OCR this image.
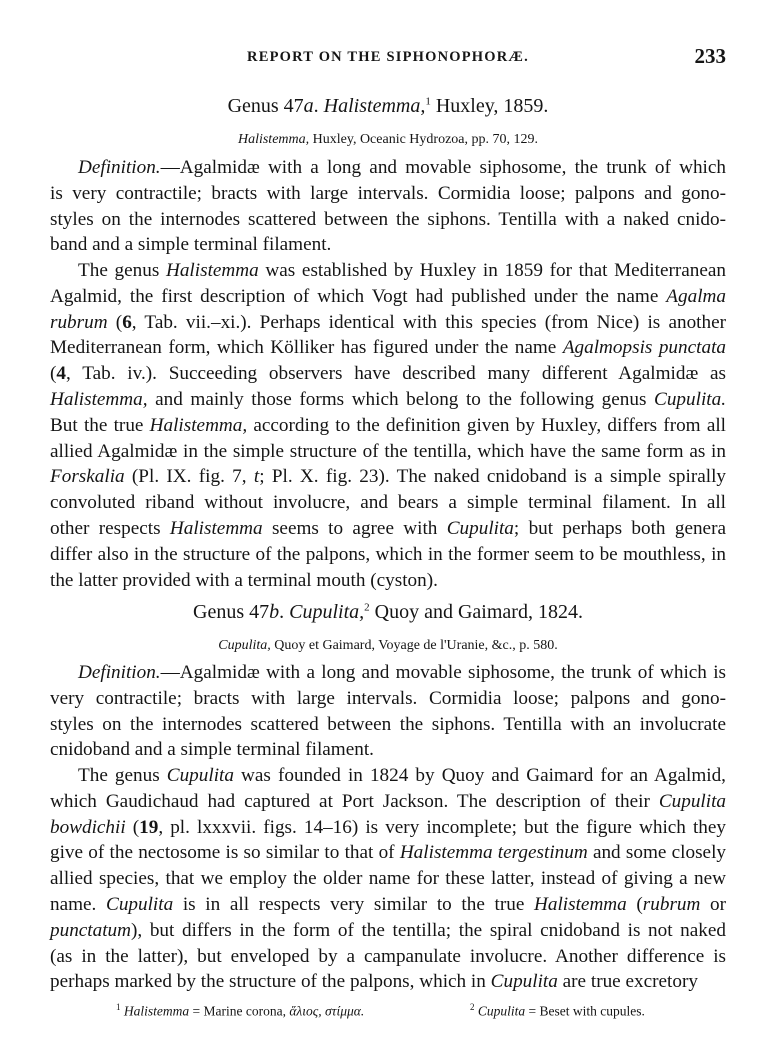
REPORT ON THE SIPHONOPHORÆ.	233
Genus 47a. Halistemma,$^1$ Huxley, 1859.
Halistemma, Huxley, Oceanic Hydrozoa, pp. 70, 129.
Definition.—Agalmidæ with a long and movable siphosome, the trunk of which
is very contractile; bracts with large intervals. Cormidia loose; palpons and gono-
styles on the internodes scattered between the siphons. Tentilla with a naked cnido-
band and a simple terminal filament.
The genus Halistemma was established by Huxley in 1859 for that Mediterranean
Agalmid, the first description of which Vogt had published under the name Agalma
rubrum (6, Tab. vii.–xi.). Perhaps identical with this species (from Nice) is another
Mediterranean form, which Kölliker has figured under the name Agalmopsis punctata
(4, Tab. iv.). Succeeding observers have described many different Agalmidæ as
Halistemma, and mainly those forms which belong to the following genus Cupulita.
But the true Halistemma, according to the definition given by Huxley, differs from all
allied Agalmidæ in the simple structure of the tentilla, which have the same form as in
Forskalia (Pl. IX. fig. 7, t; Pl. X. fig. 23). The naked cnidoband is a simple spirally
convoluted riband without involucre, and bears a simple terminal filament. In all
other respects Halistemma seems to agree with Cupulita; but perhaps both genera
differ also in the structure of the palpons, which in the former seem to be mouthless, in
the latter provided with a terminal mouth (cyston).
Genus 47b. Cupulita,$^2$ Quoy and Gaimard, 1824.
Cupulita, Quoy et Gaimard, Voyage de l'Uranie, &c., p. 580.
Definition.—Agalmidæ with a long and movable siphosome, the trunk of which is
very contractile; bracts with large intervals. Cormidia loose; palpons and gono-
styles on the internodes scattered between the siphons. Tentilla with an involucrate
cnidoband and a simple terminal filament.
The genus Cupulita was founded in 1824 by Quoy and Gaimard for an Agalmid,
which Gaudichaud had captured at Port Jackson. The description of their Cupulita
bowdichii (19, pl. lxxxvii. figs. 14–16) is very incomplete; but the figure which they
give of the nectosome is so similar to that of Halistemma tergestinum and some closely
allied species, that we employ the older name for these latter, instead of giving a new
name. Cupulita is in all respects very similar to the true Halistemma (rubrum or
punctatum), but differs in the form of the tentilla; the spiral cnidoband is not naked
(as in the latter), but enveloped by a campanulate involucre. Another difference is
perhaps marked by the structure of the palpons, which in Cupulita are true excretory
$^1$ Halistemma = Marine corona, ἅλιος, στίμμα.	$^2$ Cupulita = Beset with cupules.
